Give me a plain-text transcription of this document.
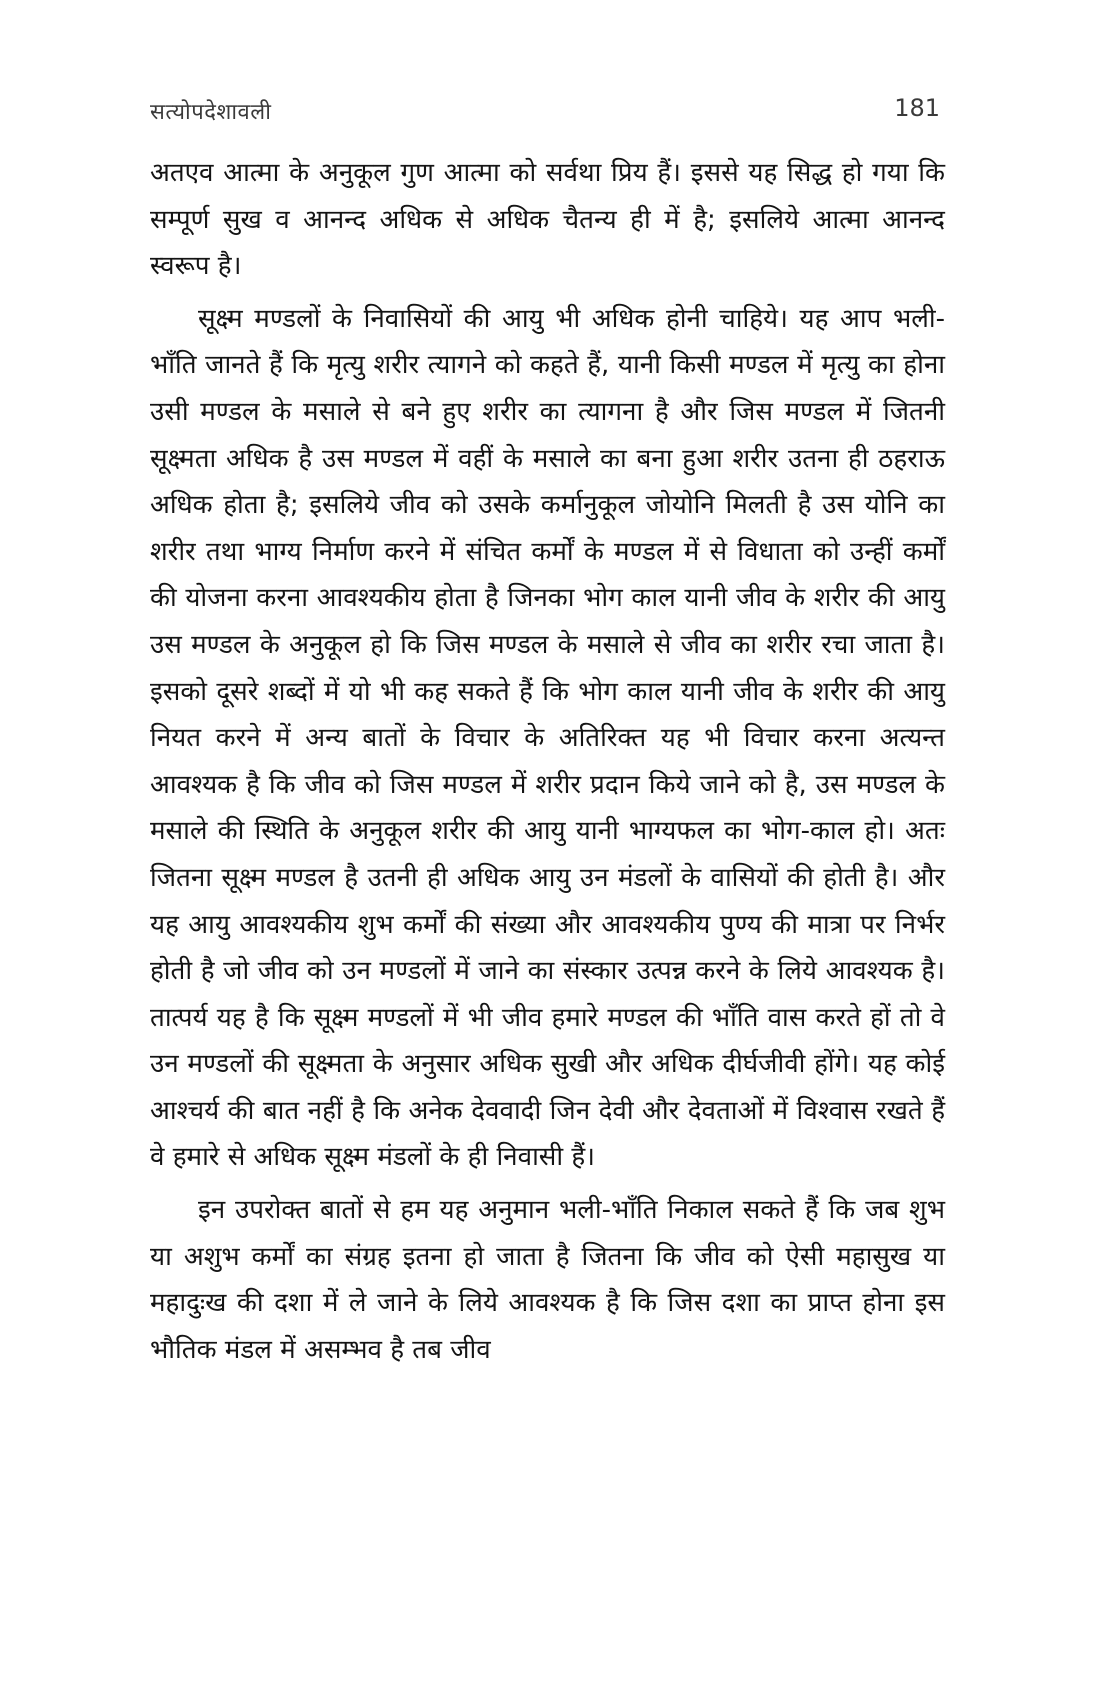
सत्योपदेशावली	181

अतएव आत्मा के अनुकूल गुण आत्मा को सर्वथा प्रिय हैं। इससे यह सिद्ध हो गया कि सम्पूर्ण सुख व आनन्द अधिक से अधिक चैतन्य ही में है; इसलिये आत्मा आनन्द स्वरूप है।

सूक्ष्म मण्डलों के निवासियों की आयु भी अधिक होनी चाहिये। यह आप भली-भाँति जानते हैं कि मृत्यु शरीर त्यागने को कहते हैं, यानी किसी मण्डल में मृत्यु का होना उसी मण्डल के मसाले से बने हुए शरीर का त्यागना है और जिस मण्डल में जितनी सूक्ष्मता अधिक है उस मण्डल में वहीं के मसाले का बना हुआ शरीर उतना ही ठहराऊ अधिक होता है; इसलिये जीव को उसके कर्मानुकूल जोयोनि मिलती है उस योनि का शरीर तथा भाग्य निर्माण करने में संचित कर्मों के मण्डल में से विधाता को उन्हीं कर्मों की योजना करना आवश्यकीय होता है जिनका भोग काल यानी जीव के शरीर की आयु उस मण्डल के अनुकूल हो कि जिस मण्डल के मसाले से जीव का शरीर रचा जाता है। इसको दूसरे शब्दों में यो भी कह सकते हैं कि भोग काल यानी जीव के शरीर की आयु नियत करने में अन्य बातों के विचार के अतिरिक्त यह भी विचार करना अत्यन्त आवश्यक है कि जीव को जिस मण्डल में शरीर प्रदान किये जाने को है, उस मण्डल के मसाले की स्थिति के अनुकूल शरीर की आयु यानी भाग्यफल का भोग-काल हो। अतः जितना सूक्ष्म मण्डल है उतनी ही अधिक आयु उन मंडलों के वासियों की होती है। और यह आयु आवश्यकीय शुभ कर्मों की संख्या और आवश्यकीय पुण्य की मात्रा पर निर्भर होती है जो जीव को उन मण्डलों में जाने का संस्कार उत्पन्न करने के लिये आवश्यक है। तात्पर्य यह है कि सूक्ष्म मण्डलों में भी जीव हमारे मण्डल की भाँति वास करते हों तो वे उन मण्डलों की सूक्ष्मता के अनुसार अधिक सुखी और अधिक दीर्घजीवी होंगे। यह कोई आश्चर्य की बात नहीं है कि अनेक देववादी जिन देवी और देवताओं में विश्वास रखते हैं वे हमारे से अधिक सूक्ष्म मंडलों के ही निवासी हैं।

इन उपरोक्त बातों से हम यह अनुमान भली-भाँति निकाल सकते हैं कि जब शुभ या अशुभ कर्मों का संग्रह इतना हो जाता है जितना कि जीव को ऐसी महासुख या महादुःख की दशा में ले जाने के लिये आवश्यक है कि जिस दशा का प्राप्त होना इस भौतिक मंडल में असम्भव है तब जीव
